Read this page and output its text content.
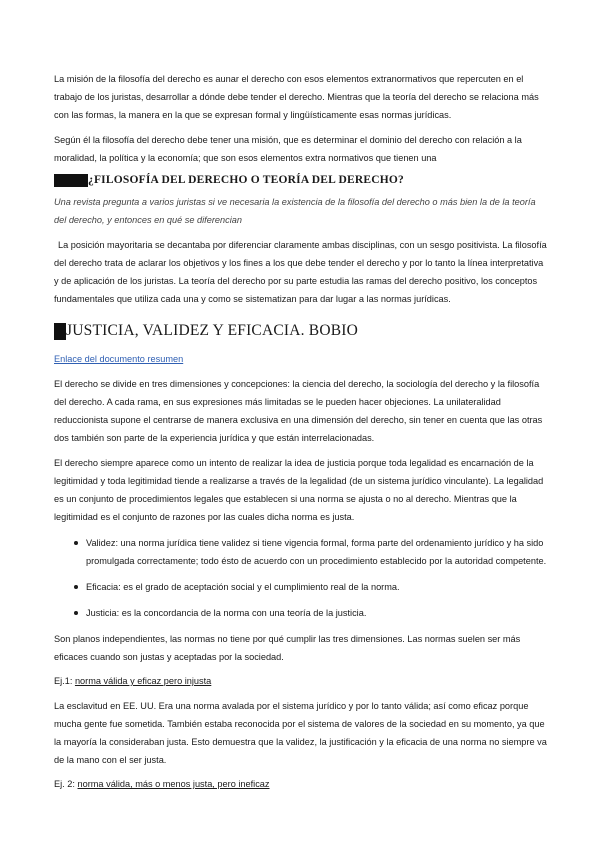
La misión de la filosofía del derecho es aunar el derecho con esos elementos extranormativos que repercuten en el trabajo de los juristas, desarrollar a dónde debe tender el derecho. Mientras que la teoría del derecho se relaciona más con las formas, la manera en la que se expresan formal y lingüísticamente esas normas jurídicas.

Según él la filosofía del derecho debe tener una misión, que es determinar el dominio del derecho con relación a la moralidad, la política y la economía; que son esos elementos extra normativos que tienen una

¿FILOSOFÍA DEL DERECHO O TEORÍA DEL DERECHO?

Una revista pregunta a varios juristas si ve necesaria la existencia de la filosofía del derecho o más bien la de la teoría del derecho, y entonces en qué se diferencian

La posición mayoritaria se decantaba por diferenciar claramente ambas disciplinas, con un sesgo positivista. La filosofía del derecho trata de aclarar los objetivos y los fines a los que debe tender el derecho y por lo tanto la línea interpretativa y de aplicación de los juristas. La teoría del derecho por su parte estudia las ramas del derecho positivo, los conceptos fundamentales que utiliza cada una y como se sistematizan para dar lugar a las normas jurídicas.

JUSTICIA, VALIDEZ Y EFICACIA. BOBIO

Enlace del documento resumen

El derecho se divide en tres dimensiones y concepciones: la ciencia del derecho, la sociología del derecho y la filosofía del derecho. A cada rama, en sus expresiones más limitadas se le pueden hacer objeciones. La unilateralidad reduccionista supone el centrarse de manera exclusiva en una dimensión del derecho, sin tener en cuenta que las otras dos también son parte de la experiencia jurídica y que están interrelacionadas.

El derecho siempre aparece como un intento de realizar la idea de justicia porque toda legalidad es encarnación de la legitimidad y toda legitimidad tiende a realizarse a través de la legalidad (de un sistema jurídico vinculante). La legalidad es un conjunto de procedimientos legales que establecen si una norma se ajusta o no al derecho. Mientras que la legitimidad es el conjunto de razones por las cuales dicha norma es justa.

Validez: una norma jurídica tiene validez si tiene vigencia formal, forma parte del ordenamiento jurídico y ha sido promulgada correctamente; todo ésto de acuerdo con un procedimiento establecido por la autoridad competente.
Eficacia: es el grado de aceptación social y el cumplimiento real de la norma.
Justicia: es la concordancia de la norma con una teoría de la justicia.

Son planos independientes, las normas no tiene por qué cumplir las tres dimensiones. Las normas suelen ser más eficaces cuando son justas y aceptadas por la sociedad.

Ej.1: norma válida y eficaz pero injusta

La esclavitud en EE. UU. Era una norma avalada por el sistema jurídico y por lo tanto válida; así como eficaz porque mucha gente fue sometida. También estaba reconocida por el sistema de valores de la sociedad en su momento, ya que la mayoría la consideraban justa. Esto demuestra que la validez, la justificación y la eficacia de una norma no siempre va de la mano con el ser justa.

Ej. 2: norma válida, más o menos justa, pero ineficaz
